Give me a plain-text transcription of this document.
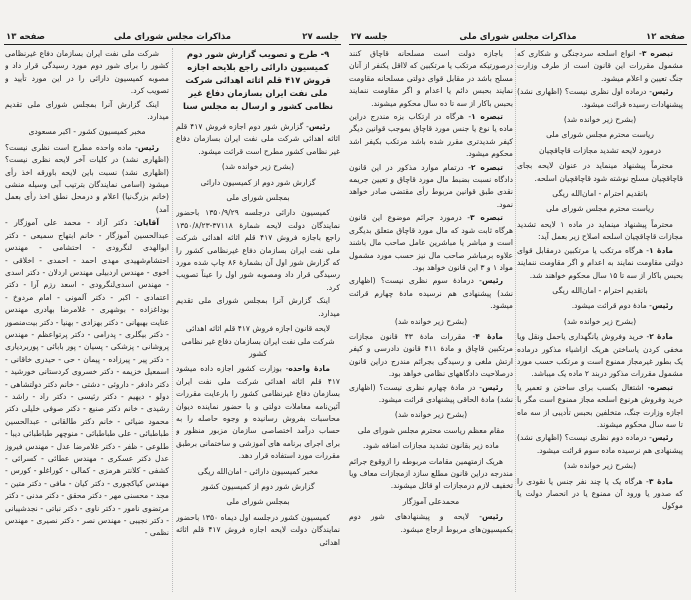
جلسه ۲۷
مذاکرات مجلس شورای ملی
صفحه ۱۳
۹- طرح و تصویب گزارش شور دوم کمیسیون دارائی راجع بلایحه اجازه فروش ۴۱۷ قلم اثاثه اهدائی شرکت ملی نفت ایران بسازمان دفاع غیر نظامی کشور و ارسال به مجلس سنا
رئیس- گزارش شور دوم اجازه فروش ۴۱۷ قلم اثاثه اهدائی شرکت ملی نفت ایران بسازمان دفاع غیر نظامی کشور مطرح است قرائت میشود.
(بشرح زیر خوانده شد)
گزارش شور دوم از کمیسیون دارائی
بمجلس شورای ملی
کمیسیون دارائی درجلسه ۱۳۵۰/۹/۲۹ باحضور نمایندگان دولت لایحه شمارهٔ ۳۷۱۱۸-۱۳۵۰/۸/۲۳ راجع باجازه فروش ۴۱۷ قلم اثاثه اهدائی شرکت ملی نفت ایران بسازمان دفاع غیرنظامی کشور را که گزارش شور اول آن بشمارهٔ ۸۶ چاپ شده مورد رسیدگی قرار داد ومصوبه شور اول را عیناً تصویب کرد.
اینک گزارش آنرا بمجلس شورای ملی تقدیم میدارد.
لایحه قانون اجازه فروش ۴۱۷ قلم اثاثه اهدائی شرکت ملی نفت ایران بسازمان دفاع غیر نظامی کشور
مادهٔ واحده- بوزارت کشور اجازه داده میشود ۴۱۷ قلم اثاثه اهدائی شرکت ملی نفت ایران بسازمان دفاع غیرنظامی کشور را بارعایت مقررات آئین‌نامه معاملات دولتی و با حضور نماینده دیوان محاسبات بفروش رسانیده و وجوه حاصله را به حساب درآمد اختصاصی سازمان مزبور منظور و برای اجرای برنامه های آموزشی و ساختمانی برطبق مقررات مورد استفاده قرار دهد.
مخبر کمیسیون دارائی - امان‌الله ریگی
گزارش شور دوم از کمیسیون کشور
بمجلس شورای ملی
کمیسیون کشور درجلسه اول دیماه ۱۳۵۰ باحضور نمایندگان دولت لایحه اجازه فروش ۴۱۷ قلم اثاثه اهدائی
شرکت ملی نفت ایران بسازمان دفاع غیرنظامی کشور را برای شور دوم مورد رسیدگی قرار داد و مصوبه کمیسیون دارائی را در این مورد تأیید و تصویب کرد.
اینک گزارش آنرا بمجلس شورای ملی تقدیم میدارد.
مخبر کمیسیون کشور - اکبر مسعودی
رئیس- ماده واحده مطرح است نظری نیست؟ (اظهاری نشد) در کلیات آخر لایحه نظری نیست؟ (اظهاری نشد) نسبت باین لایحه باورقه اخذ رأی میشود (اسامی نمایندگان بترتیب آبی وسیله منشی (خانم بزرگ‌نیا) اعلام و درمحل نطق اخذ رأی بعمل آمد)
آقایان: دکتر آزاد - محمد علی آموزگار - عبدالحسین آموزگار - خانم ابتهاج سمیعی - دکتر ابوالهدی لنگرودی - احتشامی - مهندس احتشام‌شهیدی مهدی احمد - احمدی - اخلاقی - اخوی - مهندس اردبیلی مهندس اردلان - دکتر اسدی - مهندس اسدی‌لنگرودی - اسعد رزم آرا - دکتر اعتمادی - اکبر - دکتر آلمونی - امام مردوخ - بوداغزاده - بوشهری - غلامرضا بهادری مهندس عنایت بهبهانی - دکتر بهزادی - بهنیا - دکتر بیت‌منصور - دکتر بیگلری - پدرامی - دکتر پرتواعظم - مهندس پروشانی - پزشکی - پسیان - پور بابائی - پوربردیاری - دکتر پیر - پیرزاده - پیمان - حی - حیدری خاقانی - اسمعیل خزیمه - دکتر خسروی کردستانی خورشید - دکتر دادفر - داروئی - دشتی - خانم دکتر دولتشاهی - دولو - دیهیم - دکتر رئیسی - دکتر راد - راشد - رشیدی - خانم دکتر صنیع - دکتر صوفی خلیلی دکتر محمود ضیائی - خانم دکتر طالقانی - عبدالحسین طباطبائی - علی طباطبائی - منوچهر طباطبائی دیبا - طلوعی - ظفر - دکتر غلامرضا عدل - مهندس فیروز عدل دکتر عسکری - مهندس عطائی - کسرائی - کشفی - کلانتر هرمزی - کمالی - کوراغلو - کورس - مهندس کیاکجوری - دکتر کیان - مافی - دکتر متین - مجد - محسنی مهر - دکتر محقق - دکتر مدنی - دکتر مرتضوی نامور - دکتر ناوی - دکتر نباتی - نجدشیبانی - دکتر نجیبی - مهندس نصر - دکتر نصیری - مهندس نظمی -
صفحه ۱۲
مذاکرات مجلس شورای ملی
جلسه ۲۷
تبصره ۳- انواع اسلحه سردجنگی و شکاری که مشمول مقررات این قانون است از طرف وزارت جنگ تعیین و اعلام میشود.
رئیس- درماده اول نظری نیست؟ (اظهاری نشد) پیشنهادات رسیده قرائت میشود.
(بشرح زیر خوانده شد)
ریاست محترم مجلس شورای ملی
درمورد لایحه تشدید مجازات قاچاقچیان
محترماً پیشنهاد مینماید در عنوان لایحه بجای قاچاقچیان مسلح نوشته شود قاچاقچیان اسلحه.
باتقدیم احترام - امان‌الله ریگی
ریاست محترم مجلس شورای ملی
محترماً پیشنهاد مینماید در ماده ۱ لایحه تشدید مجازات قاچاقچیان اسلحه اصلاح زیر بعمل آید:
مادهٔ ۱- هرگاه مرتکب یا مرتکبین درمقابل قوای دولتی مقاومت نمایند به اعدام و اگر مقاومت ننمایند بحبس باکار از سه تا ۱۵ سال محکوم خواهند شد.
باتقدیم احترام - امان‌الله ریگی
رئیس- مادهٔ دوم قرائت میشود.
(بشرح زیر خوانده شد)
مادهٔ ۲- خرید وفروش یانگهداری یاحمل ونقل ویا مخفی کردن یاساختن هریک ازاشیاء مذکور درماده یک بطور غیرمجاز ممنوع است و مرتکب حسب مورد مشمول مقررات مذکور دربند ۲ ماده یک میباشد.
تبصره- اشتغال بکسب برای ساختن و تعمیر یا خرید وفروش هرنوع اسلحه مجاز ممنوع است مگر با اجازه وزارت جنگ، متخلفین بحبس تأدیبی از سه ماه تا سه سال محکوم میشوند.
رئیس- درماده دوم نظری نیست؟ (اظهاری نشد) پیشنهادی هم نرسیده ماده سوم قرائت میشود.
(بشرح زیر خوانده شد)
مادهٔ ۳- هرگاه یک یا چند نفر جنس یا نقودی را که صدور یا ورود آن ممنوع یا در انحصار دولت یا موکول
باجازه دولت است مسلحانه قاچاق کنند درصورتیکه مرتکب یا مرتکبین که لااقل یکنفر از آنان مسلح باشد در مقابل قوای دولتی مسلحانه مقاومت نمایند بحبس دائم یا اعدام و اگر مقاومت ننمایند بحبس باکار از سه تا ده سال محکوم میشوند.
تبصره ۱- هرگاه در ارتکاب بزه مندرج دراین ماده یا نوع یا جنس مورد قاچاق بموجب قوانین دیگر کیفر شدیدتری مقرر شده باشد مرتکب بکیفر اشد محکوم میشود.
تبصره ۲- درتمام موارد مذکور در این قانون دادگاه نسبت بضبط مال مورد قاچاق و تعیین جریمه نقدی طبق قوانین مربوط رأی مقتضی صادر خواهد نمود.
تبصره ۳- درمورد جرائم موضوع این قانون هرگاه ثابت شود که مال مورد قاچاق متعلق بدیگری است و مباشر یا مباشرین عامل صاحب مال باشند علاوه برمباشر صاحب مال نیز حسب مورد مشمول مواد ۱ و ۳ این قانون خواهد بود.
رئیس- درمادهٔ سوم نظری نیست؟ (اظهاری نشد) پیشنهادی هم نرسیده مادهٔ چهارم قرائت میشود.
(بشرح زیر خوانده شد)
مادهٔ ۴- مقررات مادهٔ ۴۳ قانون مجازات مرتکبین قاچاق و مادهٔ ۴۱۱ قانون دادرسی و کیفر ارتش ملغی و رسیدگی بجرائم مندرج دراین قانون درصلاحیت دادگاههای نظامی خواهد بود.
رئیس- در مادهٔ چهارم نظری نیست؟ (اظهاری نشد) مادهٔ الحاقی پیشنهادی قرائت میشود.
(بشرح زیر خوانده شد)
مقام معظم ریاست محترم مجلس شورای ملی
ماده زیر بقانون تشدید مجازات اضافه شود.
هریک ازمتهمین مقامات مربوطه را ازوقوع جرائم مندرجه دراین قانون مطلع سازد ازمجازات معاف ویا تخفیف لازم درمجازات او قائل میشوند.
محمدعلی آموزگار
رئیس- لایحه و پیشنهادهای شور دوم بکمیسیون‌های مربوط ارجاع میشود.
